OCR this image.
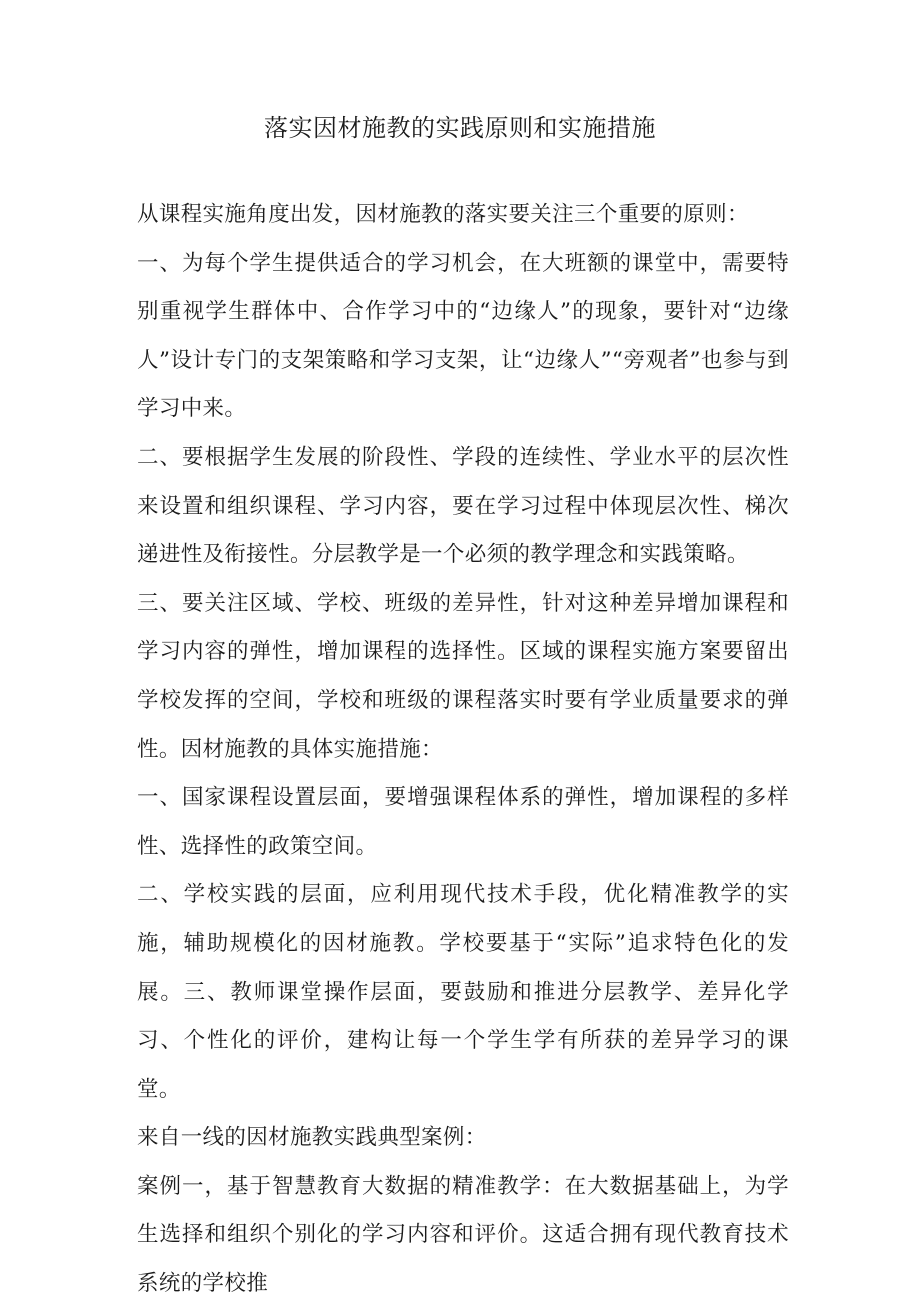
落实因材施教的实践原则和实施措施

从课程实施角度出发，因材施教的落实要关注三个重要的原则：

一、为每个学生提供适合的学习机会，在大班额的课堂中，需要特别重视学生群体中、合作学习中的“边缘人”的现象，要针对“边缘人”设计专门的支架策略和学习支架，让“边缘人”“旁观者”也参与到学习中来。

二、要根据学生发展的阶段性、学段的连续性、学业水平的层次性来设置和组织课程、学习内容，要在学习过程中体现层次性、梯次递进性及衔接性。分层教学是一个必须的教学理念和实践策略。

三、要关注区域、学校、班级的差异性，针对这种差异增加课程和学习内容的弹性，增加课程的选择性。区域的课程实施方案要留出学校发挥的空间，学校和班级的课程落实时要有学业质量要求的弹性。因材施教的具体实施措施：

一、国家课程设置层面，要增强课程体系的弹性，增加课程的多样性、选择性的政策空间。

二、学校实践的层面，应利用现代技术手段，优化精准教学的实施，辅助规模化的因材施教。学校要基于“实际”追求特色化的发展。三、教师课堂操作层面，要鼓励和推进分层教学、差异化学习、个性化的评价，建构让每一个学生学有所获的差异学习的课堂。

来自一线的因材施教实践典型案例：

案例一，基于智慧教育大数据的精准教学：在大数据基础上，为学生选择和组织个别化的学习内容和评价。这适合拥有现代教育技术系统的学校推
